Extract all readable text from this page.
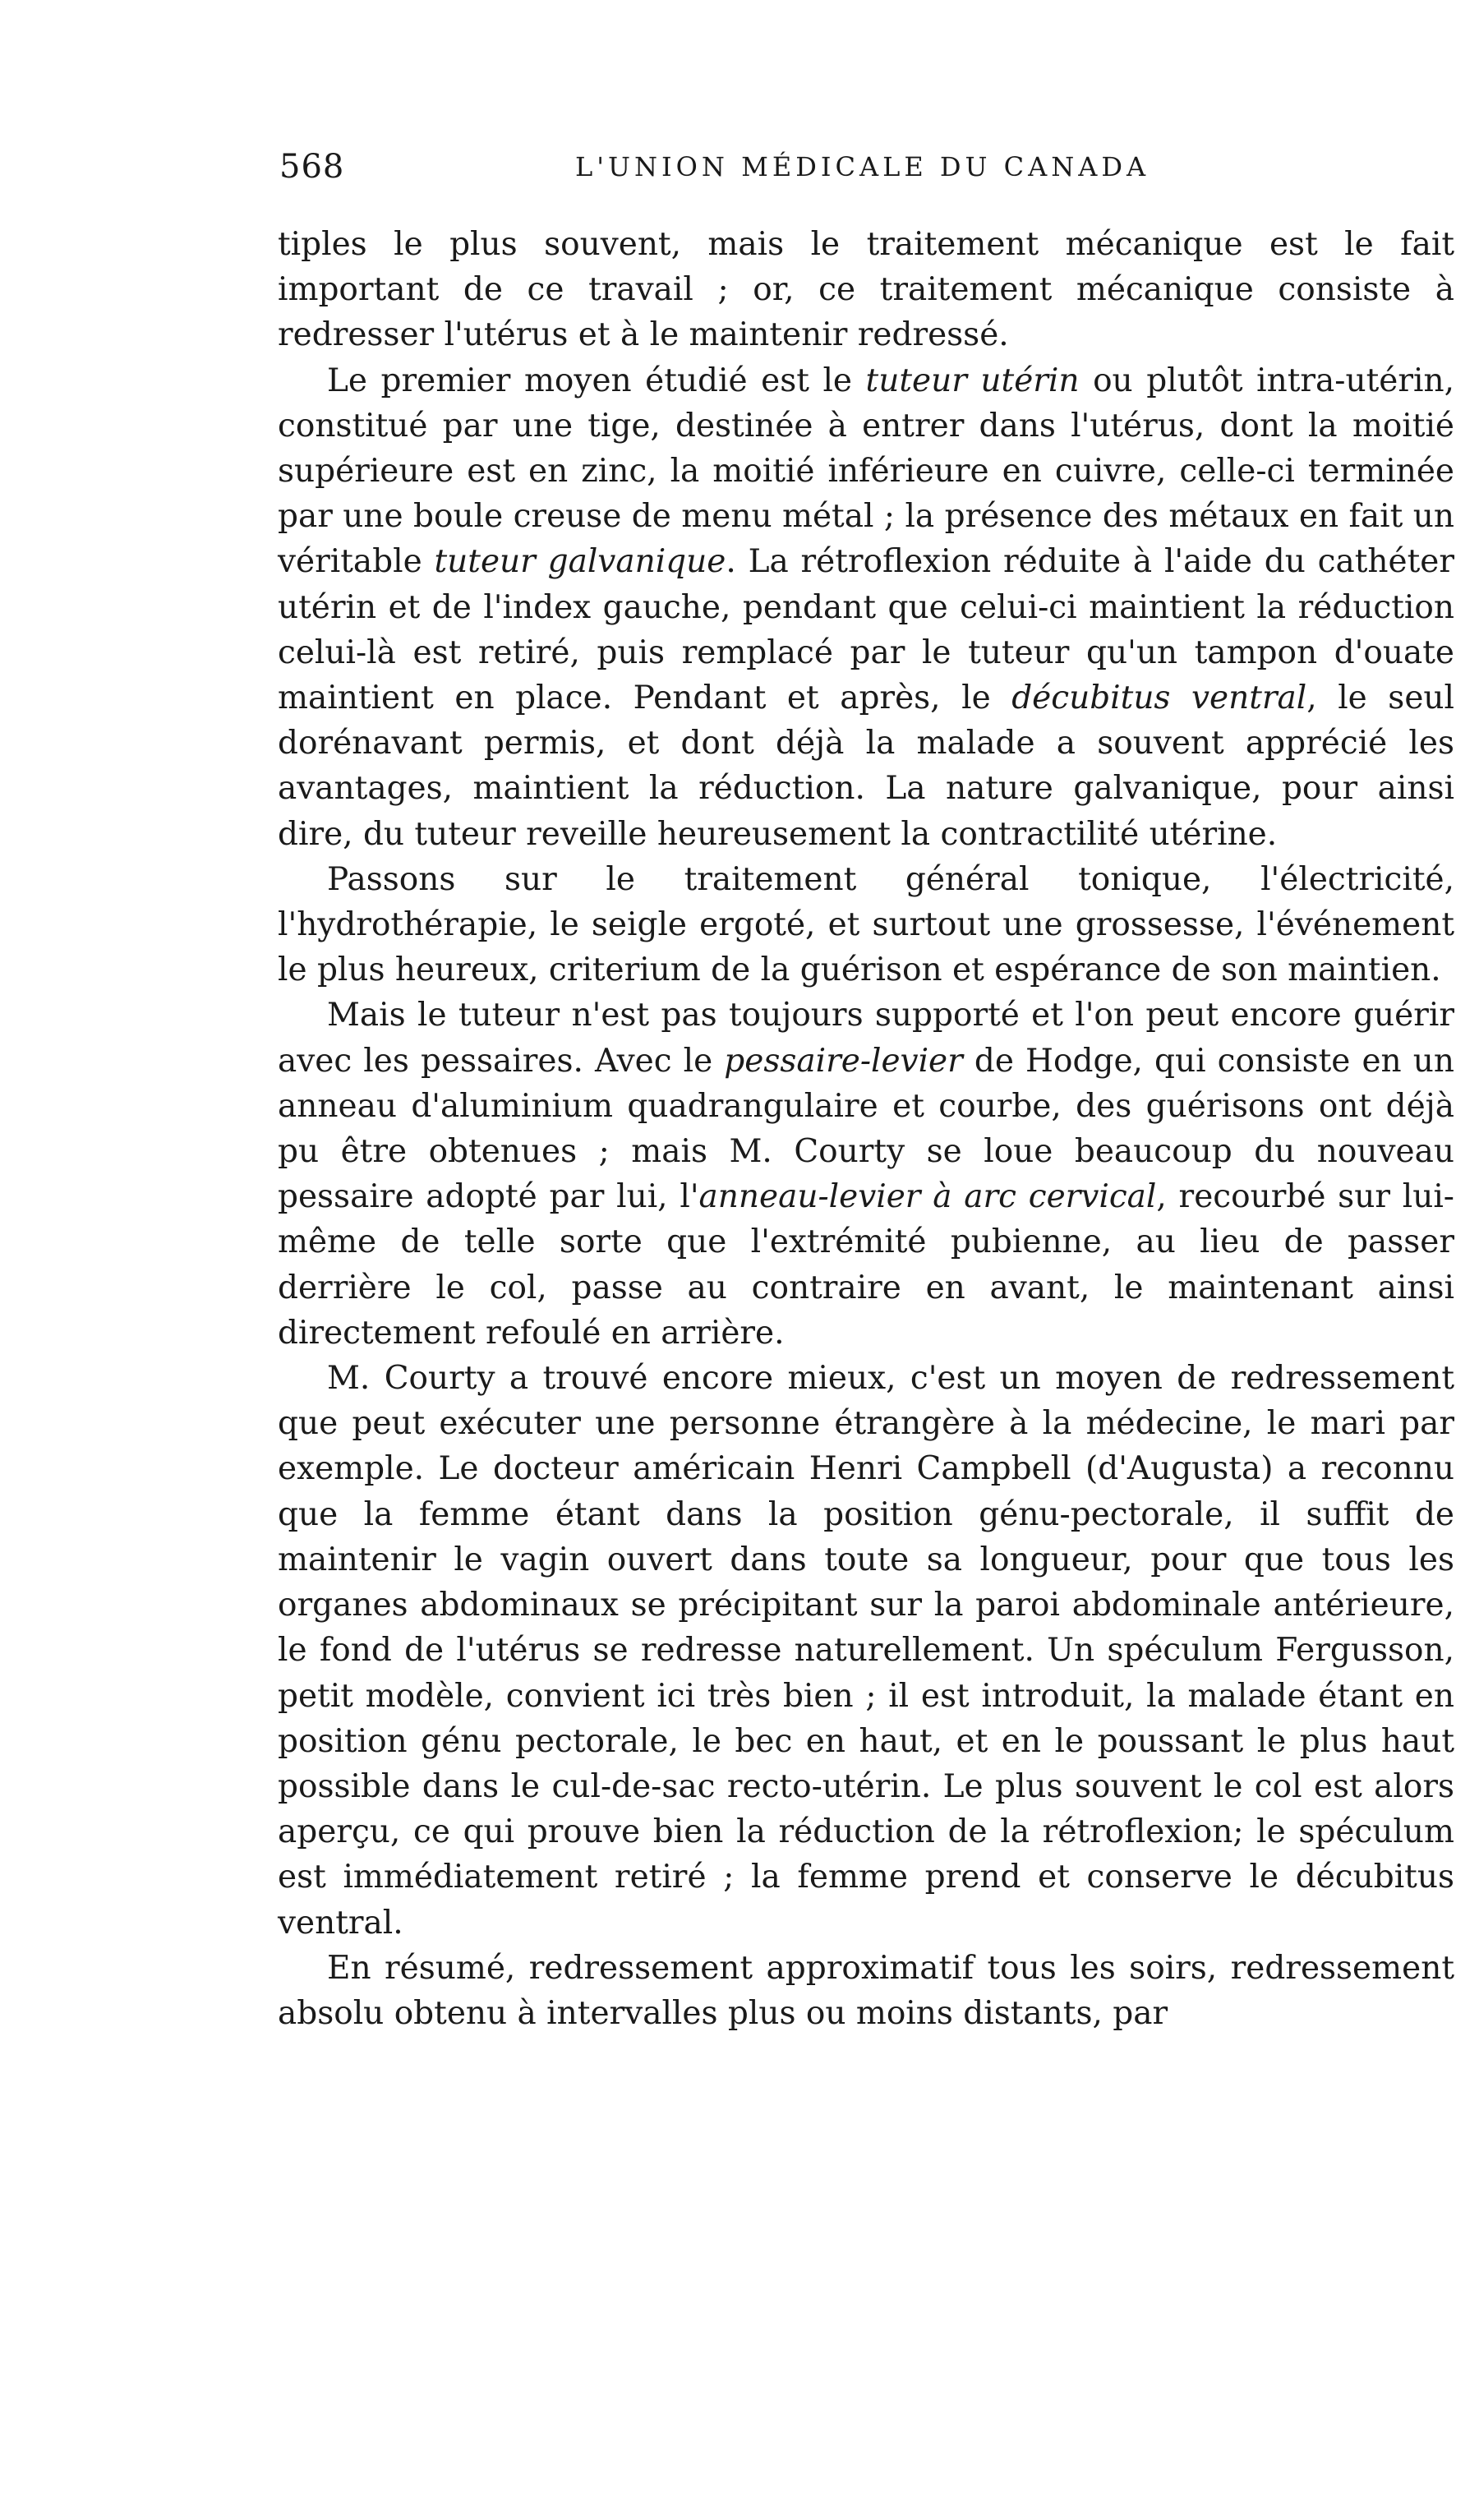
568	L'UNION MÉDICALE DU CANADA

tiples le plus souvent, mais le traitement mécanique est le fait important de ce travail ; or, ce traitement mécanique consiste à redresser l'utérus et à le maintenir redressé.

Le premier moyen étudié est le tuteur utérin ou plutôt intra-utérin, constitué par une tige, destinée à entrer dans l'utérus, dont la moitié supérieure est en zinc, la moitié inférieure en cuivre, celle-ci terminée par une boule creuse de menu métal ; la présence des métaux en fait un véritable tuteur galvanique. La rétroflexion réduite à l'aide du cathéter utérin et de l'index gauche, pendant que celui-ci maintient la réduction celui-là est retiré, puis remplacé par le tuteur qu'un tampon d'ouate maintient en place. Pendant et après, le décubitus ventral, le seul dorénavant permis, et dont déjà la malade a souvent apprécié les avantages, maintient la réduction. La nature galvanique, pour ainsi dire, du tuteur reveille heureusement la contractilité utérine.

Passons sur le traitement général tonique, l'électricité, l'hydrothérapie, le seigle ergoté, et surtout une grossesse, l'événement le plus heureux, criterium de la guérison et espérance de son maintien.

Mais le tuteur n'est pas toujours supporté et l'on peut encore guérir avec les pessaires. Avec le pessaire-levier de Hodge, qui consiste en un anneau d'aluminium quadrangulaire et courbe, des guérisons ont déjà pu être obtenues ; mais M. Courty se loue beaucoup du nouveau pessaire adopté par lui, l'anneau-levier à arc cervical, recourbé sur lui-même de telle sorte que l'extrémité pubienne, au lieu de passer derrière le col, passe au contraire en avant, le maintenant ainsi directement refoulé en arrière.

M. Courty a trouvé encore mieux, c'est un moyen de redressement que peut exécuter une personne étrangère à la médecine, le mari par exemple. Le docteur américain Henri Campbell (d'Augusta) a reconnu que la femme étant dans la position génu-pectorale, il suffit de maintenir le vagin ouvert dans toute sa longueur, pour que tous les organes abdominaux se précipitant sur la paroi abdominale antérieure, le fond de l'utérus se redresse naturellement. Un spéculum Fergusson, petit modèle, convient ici très bien ; il est introduit, la malade étant en position génu pectorale, le bec en haut, et en le poussant le plus haut possible dans le cul-de-sac recto-utérin. Le plus souvent le col est alors aperçu, ce qui prouve bien la réduction de la rétroflexion; le spéculum est immédiatement retiré ; la femme prend et conserve le décubitus ventral.

En résumé, redressement approximatif tous les soirs, redressement absolu obtenu à intervalles plus ou moins distants, par
